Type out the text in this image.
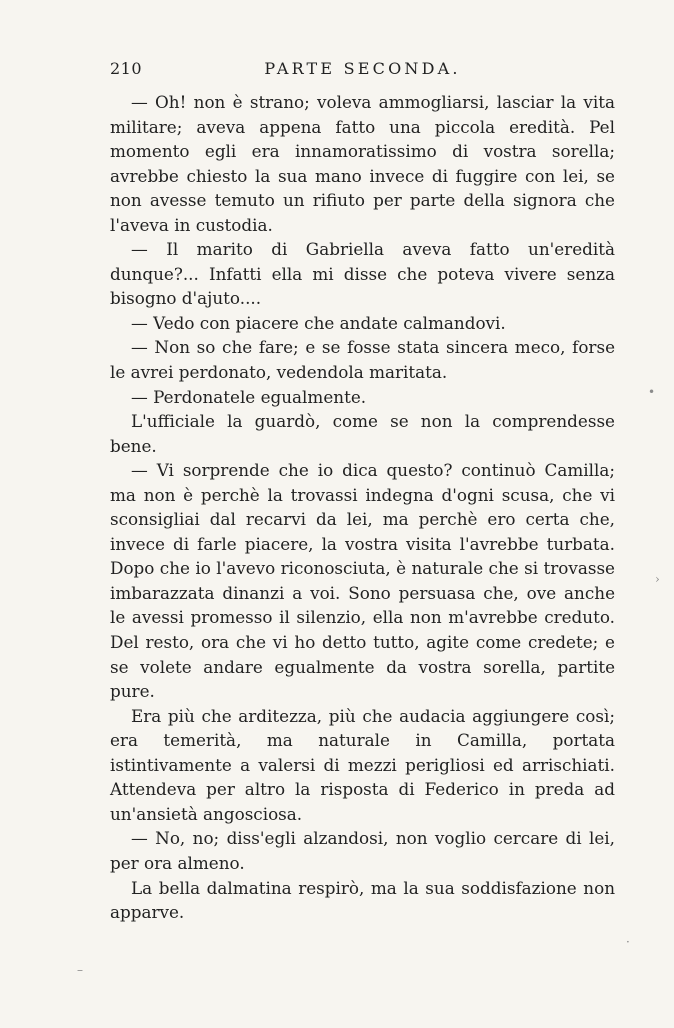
210	PARTE SECONDA.

— Oh! non è strano; voleva ammogliarsi, lasciar la vita militare; aveva appena fatto una piccola eredità. Pel momento egli era innamoratissimo di vostra sorella; avrebbe chiesto la sua mano invece di fuggire con lei, se non avesse temuto un rifiuto per parte della signora che l'aveva in custodia.

— Il marito di Gabriella aveva fatto un'eredità dunque?... Infatti ella mi disse che poteva vivere senza bisogno d'ajuto....

— Vedo con piacere che andate calmandovi.

— Non so che fare; e se fosse stata sincera meco, forse le avrei perdonato, vedendola maritata.

— Perdonatele egualmente.

L'ufficiale la guardò, come se non la comprendesse bene.

— Vi sorprende che io dica questo? continuò Camilla; ma non è perchè la trovassi indegna d'ogni scusa, che vi sconsigliai dal recarvi da lei, ma perchè ero certa che, invece di farle piacere, la vostra visita l'avrebbe turbata. Dopo che io l'avevo riconosciuta, è naturale che si trovasse imbarazzata dinanzi a voi. Sono persuasa che, ove anche le avessi promesso il silenzio, ella non m'avrebbe creduto. Del resto, ora che vi ho detto tutto, agite come credete; e se volete andare egualmente da vostra sorella, partite pure.

Era più che arditezza, più che audacia aggiungere così; era temerità, ma naturale in Camilla, portata istintivamente a valersi di mezzi perigliosi ed arrischiati. Attendeva per altro la risposta di Federico in preda ad un'ansietà angosciosa.

— No, no; diss'egli alzandosi, non voglio cercare di lei, per ora almeno.

La bella dalmatina respirò, ma la sua soddisfazione non apparve.

•
›
·
–
